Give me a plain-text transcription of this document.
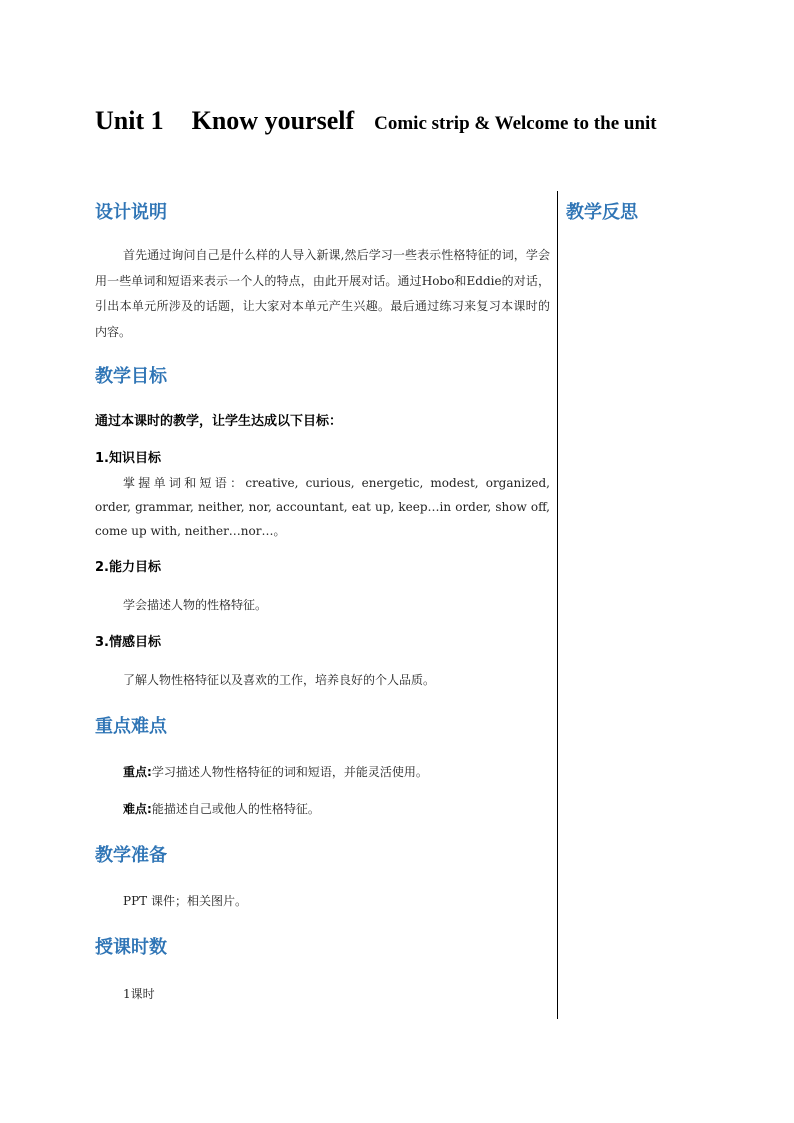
Unit 1 Know yourself Comic strip & Welcome to the unit
设计说明	教学反思

首先通过询问自己是什么样的人导入新课,然后学习一些表示性格特征的词，学会用一些单词和短语来表示一个人的特点，由此开展对话。通过Hobo和Eddie的对话，引出本单元所涉及的话题，让大家对本单元产生兴趣。最后通过练习来复习本课时的内容。

教学目标

通过本课时的教学，让学生达成以下目标：

1.知识目标

掌握单词和短语：creative, curious, energetic, modest, organized, order, grammar, neither, nor, accountant, eat up, keep…in order, show off, come up with, neither…nor…。

2.能力目标

学会描述人物的性格特征。

3.情感目标

了解人物性格特征以及喜欢的工作，培养良好的个人品质。

重点难点

重点:学习描述人物性格特征的词和短语，并能灵活使用。

难点:能描述自己或他人的性格特征。

教学准备

PPT 课件；相关图片。

授课时数

1课时
